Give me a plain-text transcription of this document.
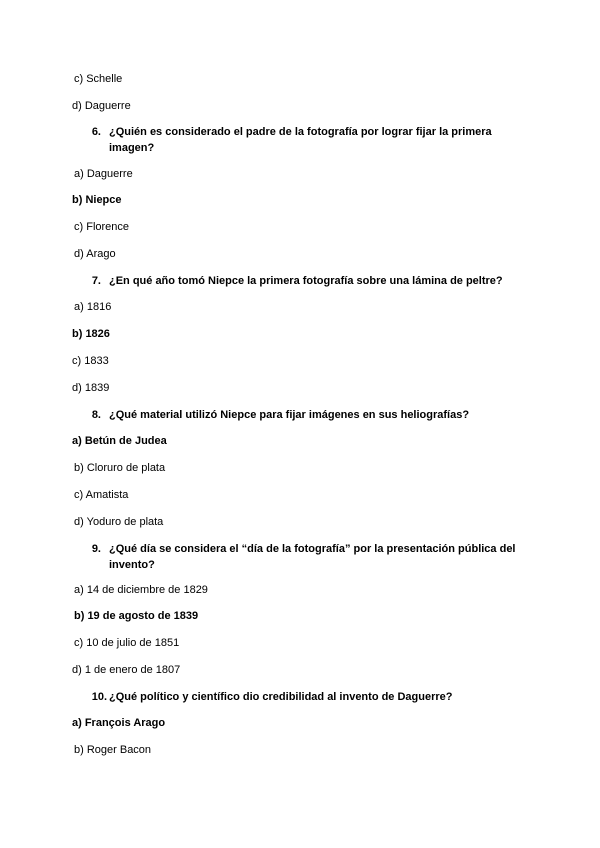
c) Schelle
d) Daguerre
6. ¿Quién es considerado el padre de la fotografía por lograr fijar la primera imagen?
a) Daguerre
b) Niepce
c) Florence
d) Arago
7. ¿En qué año tomó Niepce la primera fotografía sobre una lámina de peltre?
a) 1816
b) 1826
c) 1833
d) 1839
8. ¿Qué material utilizó Niepce para fijar imágenes en sus heliografías?
a) Betún de Judea
b) Cloruro de plata
c) Amatista
d) Yoduro de plata
9. ¿Qué día se considera el “día de la fotografía” por la presentación pública del invento?
a) 14 de diciembre de 1829
b) 19 de agosto de 1839
c) 10 de julio de 1851
d) 1 de enero de 1807
10. ¿Qué político y científico dio credibilidad al invento de Daguerre?
a) François Arago
b) Roger Bacon
